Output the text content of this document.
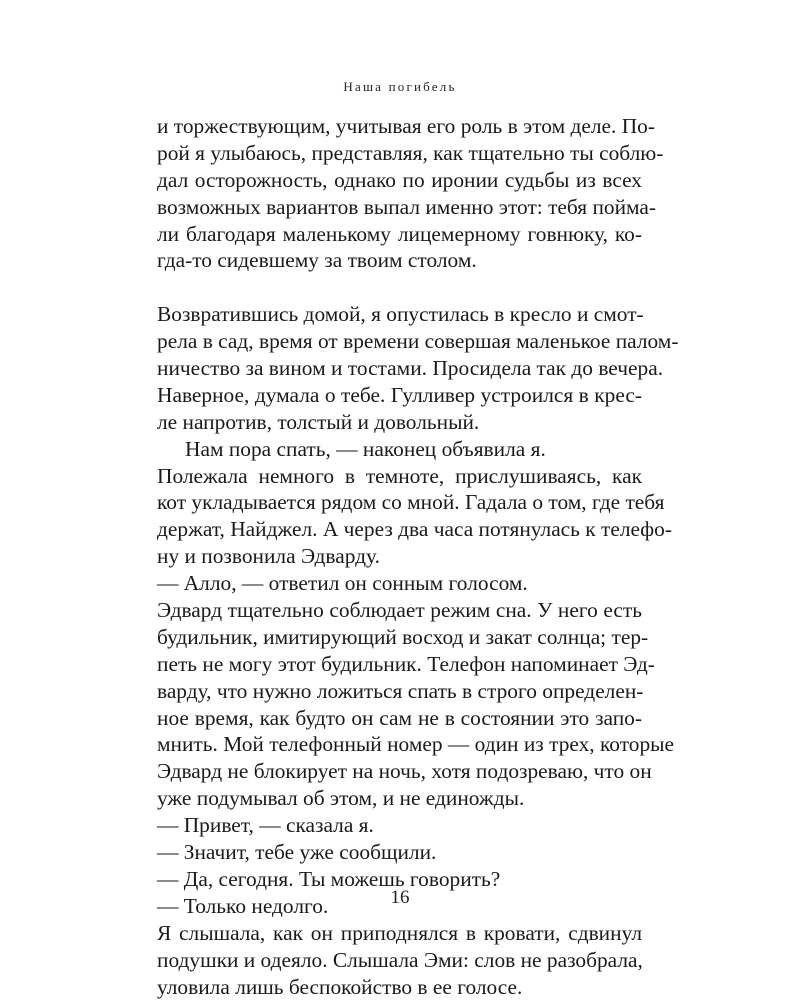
Наша погибель
и торжествующим, учитывая его роль в этом деле. По-
рой я улыбаюсь, представляя, как тщательно ты соблю-
дал осторожность, однако по иронии судьбы из всех
возможных вариантов выпал именно этот: тебя пойма-
ли благодаря маленькому лицемерному говнюку, ко-
гда-то сидевшему за твоим столом.
Возвратившись домой, я опустилась в кресло и смот-
рела в сад, время от времени совершая маленькое палом-
ничество за вином и тостами. Просидела так до вечера.
Наверное, думала о тебе. Гулливер устроился в крес-
ле напротив, толстый и довольный.
Нам пора спать, — наконец объявила я.
Полежала немного в темноте, прислушиваясь, как
кот укладывается рядом со мной. Гадала о том, где тебя
держат, Найджел. А через два часа потянулась к телефо-
ну и позвонила Эдварду.
— Алло, — ответил он сонным голосом.
Эдвард тщательно соблюдает режим сна. У него есть
будильник, имитирующий восход и закат солнца; тер-
петь не могу этот будильник. Телефон напоминает Эд-
варду, что нужно ложиться спать в строго определен-
ное время, как будто он сам не в состоянии это запо-
мнить. Мой телефонный номер — один из трех, которые
Эдвард не блокирует на ночь, хотя подозреваю, что он
уже подумывал об этом, и не единожды.
— Привет, — сказала я.
— Значит, тебе уже сообщили.
— Да, сегодня. Ты можешь говорить?
— Только недолго.
Я слышала, как он приподнялся в кровати, сдвинул
подушки и одеяло. Слышала Эми: слов не разобрала,
уловила лишь беспокойство в ее голосе.
16
